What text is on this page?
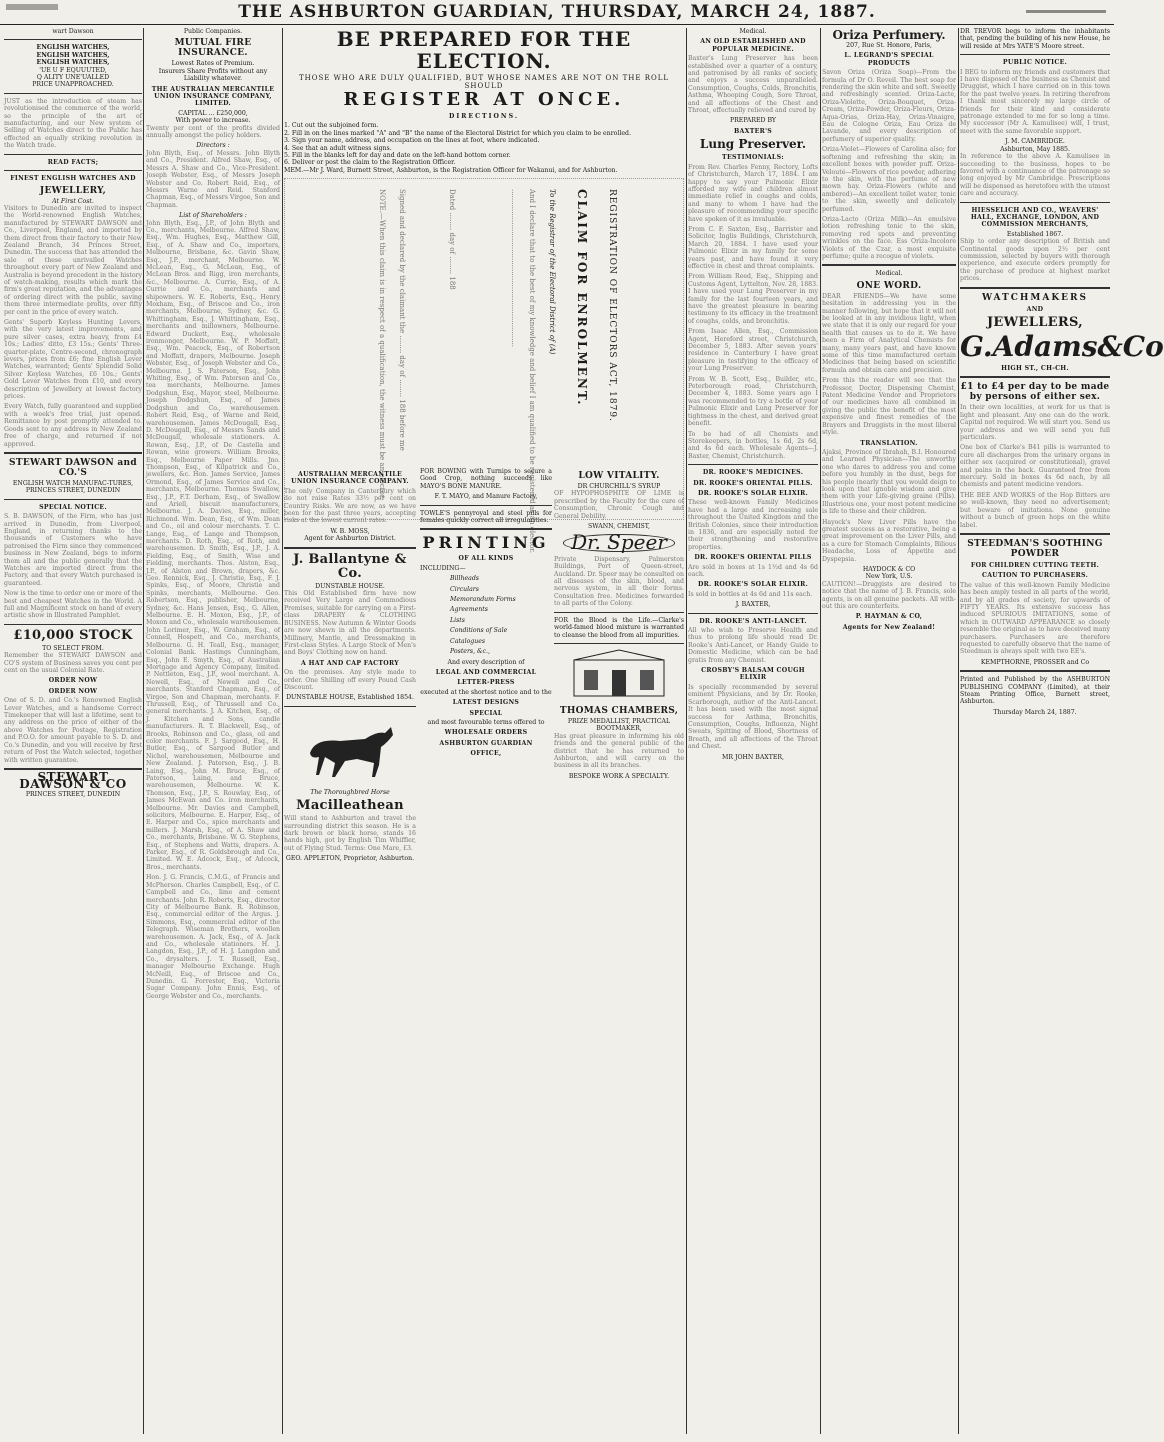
THE ASHBURTON GUARDIAN, THURSDAY, MARCH 24, 1887.
wart Dawson
ENGLISH WATCHES,
ENGLISH WATCHES,
ENGLISH WATCHES,
'UE U F EQUUUTED,
Q ALITY UNE'UALLED
PRICE UNAPPROACHED.

JUST as the introduction of steam has revolutionised the commerce of the world, so the principle of the art of manufacturing, and our New system of Selling of Watches direct to the Public has effected an equally striking revolution in the Watch trade.

READ FACTS;
FINEST ENGLISH WATCHES AND
JEWELLERY,
At First Cost.

Visitors to Dunedin are invited to inspect the World-renowned English Watches, manufactured by STEWART DAWSON and Co., Liverpool, England, and imported by them direct from their factory to their New Zealand Branch, 34 Princes Street, Dunedin. The success that has attended the sale of these unrivalled Watches throughout every part of New Zealand and Australia is beyond precedent in the history of watch-making, results which mark the firm's great reputation, and the advantages of ordering direct with the public, saving them three intermediate profits, over fifty per cent in the price of every watch.

Gents' Superb Keyless Hunting Levers, with the very latest improvements, and pure silver cases, extra heavy, from £4 10s.; Ladies' ditto, £3 15s.; Gents' Three-quarter-plate, Centre-second, chronograph levers, prices from £6; fine English Lever Watches, warranted; Gents' Splendid Solid Silver Keyless Watches, £6 10s.; Gents' Gold Lever Watches from £10, and every description of Jewellery at lowest factory prices.

Every Watch, fully guaranteed and supplied with a week's free trial, just opened. Remittance by post promptly attended to. Goods sent to any address in New Zealand free of charge, and returned if not approved.

STEWART DAWSON and CO.'S
ENGLISH WATCH MANUFAC-TURES,
PRINCES STREET, DUNEDIN
SPECIAL NOTICE.

S. B. DAWSON, of the Firm, who has just arrived in Dunedin, from Liverpool, England, in returning thanks to the thousands of Customers who have patronised the Firm since they commenced business in New Zealand, begs to inform them all and the public generally that the Watches are imported direct from the Factory, and that every Watch purchased is guaranteed.

Now is the time to order one or more of the best and cheapest Watches in the World. A full and Magnificent stock on hand of every artistic show in Illustrated Pamphlet.

£10,000 STOCK
TO SELECT FROM.

Remember the STEWART DAWSON and CO'S system of Business saves you cent per cent on the usual Colonial Rate.

ORDER NOW
ORDER NOW

One of S. D. and Co.'s Renowned English Lever Watches, and a handsome Correct Timekeeper that will last a lifetime, sent to any address on the price of either of the above Watches for Postage, Registration and P.O.O. for amount payable to S. D. and Co.'s Dunedin, and you will receive by first return of Post the Watch selected, together with written guarantee.

STEWART DAWSON & CO
PRINCES STREET, DUNEDIN
Public Companies.
MUTUAL FIRE INSURANCE.
Lowest Rates of Premium.
Insurers Share Profits without any Liability whatever.
THE AUSTRALIAN MERCANTILE UNION INSURANCE COMPANY, LIMITED.
CAPITAL ... £250,000,
With power to increase.

Twenty per cent of the profits divided annually amongst the policy holders.

Directors :

John Blyth, Esq., of Messrs. John Blyth and Co., President. Alfred Shaw, Esq., of Messrs A. Shaw and Co., Vice-President. Joseph Webster, Esq., of Messrs Joseph Webster and Co. Robert Reid, Esq., of Messrs Warne and Reid. Stanford Chapman, Esq., of Messrs Virgoe, Son and Chapman.

List of Shareholders :

John Blyth, Esq., J.P., of John Blyth and Co., merchants, Melbourne. Alfred Shaw, Esq., Wm. Hughes, Esq., Matthew Gill, Esq., of A. Shaw and Co., importers, Melbourne, Brisbane, &c. Gavin Shaw, Esq., J.P., merchant, Melbourne. W. McLean, Esq., G. McLean, Esq., of McLean Bros. and Rigg, iron merchants, &c., Melbourne. A. Currie, Esq., of A. Currie and Co., merchants and shipowners. W. E. Roberts, Esq., Henry Moxham, Esq., of Briscoe and Co., iron merchants, Melbourne, Sydney, &c. G. Whittingham, Esq., J. Whittingham, Esq., merchants and millowners, Melbourne. Edward Duckett, Esq., wholesale ironmonger, Melbourne. W. P. Moffatt, Esq., Wm. Peacock, Esq., of Robertson and Moffatt, drapers, Melbourne. Joseph Webster, Esq., of Joseph Webster and Co., Melbourne. J. S. Paterson, Esq., John Whiting, Esq., of Wm. Paterson and Co., tea merchants, Melbourne. James Dodgshun, Esq., Mayor, steel, Melbourne. Joseph Dodgshun, Esq., of James Dodgshun and Co., warehousemen. Robert Reid, Esq., of Warne and Reid, warehousemen. James McDougall, Esq., D. McDougall, Esq., of Messrs Sands and McDougall, wholesale stationers. A. Rowan, Esq., J.P., of De Castella and Rowan, wine growers. William Brooks, Esq., Melbourne Paper Mills. Jno. Thompson, Esq., of Kilpatrick and Co., jewellers, &c. Hon. James Service, James Ormond, Esq., of James Service and Co., merchants, Melbourne. Thomas Swallow, Esq., J.P., F.T. Derham, Esq., of Swallow and Ariell, biscuit manufacturers, Melbourne. J. A. Davies, Esq., miller, Richmond. Wm. Dean, Esq., of Wm. Dean and Co., oil and colour merchants. T. C. Lange, Esq., of Lange and Thompson, merchants. D. Roth, Esq., of Roth, and warehousemen. D. Smith, Esq., J.P., J. A. Fielding, Esq., of Smith, Wise and Fielding, merchants. Thos. Alston, Esq., J.P., of Alston and Brown, drapers, &c. Geo. Rennick, Esq., J. Christie, Esq., F. J. Spinks, Esq., of Moore, Christie and Spinks, merchants, Melbourne. Geo. Robertson, Esq., publisher, Melbourne, Sydney, &c. Hans Jensen, Esq., G. Allen, Melbourne. E. H. Moxon, Esq., J.P., of Moxon and Co., wholesale warehousemen. John Lorimer, Esq., W. Graham, Esq., of Connell, Hospett, and Co., merchants, Melbourne. G. H. Teall, Esq., manager, Colonial Bank. Hastings Cunningham, Esq., John E. Smyth, Esq., of Australian Mortgage and Agency Company, limited. P. Nettleton, Esq., J.P., wool merchant. A. Newell, Esq., of Newell and Co., merchants. Stanford Chapman, Esq., of Virgoe, Son and Chapman, merchants. F. Thrussell, Esq., of Thrussell and Co., general merchants. J. A. Kitchen, Esq., of J. Kitchen and Sons, candle manufacturers. R. T. Blackwell, Esq., of Brooks, Robinson and Co., glass, oil and color merchants. F. J. Sargood, Esq., H. Butler, Esq., of Sargood Butler and Nichol, warehousemen, Melbourne and New Zealand. J. Paterson, Esq., J. B. Laing, Esq., John M. Bruce, Esq., of Paterson, Laing, and Bruce, warehousemen, Melbourne. W. K. Thomson, Esq., J.P., S. Rouwlay, Esq., of James McEwan and Co. iron merchants, Melbourne. Mr. Davies and Campbell, solicitors, Melbourne. E. Harper, Esq., of E. Harper and Co., spice merchants and millers. J. Marsh, Esq., of A. Shaw and Co., merchants, Brisbane. W. G. Stephens, Esq., of Stephens and Watts, drapers. A. Parker, Esq., of R. Goldsbrough and Co., Limited. W. E. Adcock, Esq., of Adcock, Bros., merchants.

Hon. J. G. Francis, C.M.G., of Francis and McPherson. Charles Campbell, Esq., of C. Campbell and Co., lime and cement merchants. John R. Roberts, Esq., director City of Melbourne Bank. R. Robinson, Esq., commercial editor of the Argus. J. Simmons, Esq., commercial editor of the Telegraph. Wiseman Brothers, woollen warehousemen. A. Jack, Esq., of A. Jack and Co., wholesale stationers. H. J. Langdon, Esq., J.P., of H. J. Langdon and Co., drysalters. J. T. Russell, Esq., manager Melbourne Exchange. Hugh McNeill, Esq., of Briscoe and Co., Dunedin. G. Forrester, Esq., Victoria Sugar Company. John Ennis, Esq., of George Webster and Co., merchants.

BE PREPARED FOR THE ELECTION.
THOSE WHO ARE DULY QUALIFIED, BUT WHOSE NAMES ARE NOT ON THE ROLL SHOULD
REGISTER AT ONCE.
DIRECTIONS.
1. Cut out the subjoined form.
2. Fill in on the lines marked "A" and "B" the name of the Electoral District for which you claim to be enrolled.
3. Sign your name, address, and occupation on the lines at foot, where indicated.
4. See that an adult witness signs.
5. Fill in the blanks left for day and date on the left-hand bottom corner.
6. Deliver or post the claim to the Registration Officer.
MEM.—Mr J. Ward, Burnett Street, Ashburton, is the Registration Officer for Wakanui, and for Ashburton.
CLAIM FOR ENROLMENT. REGISTRATION OF ELECTORS ACT, 1879.
To the Registrar of the Electoral District of (A)
And I declare that to the best of my knowledge and belief I am qualified to be registered as an elector.
.......................................................................
Dated ........ day of ........ 188
Signed and declared by the claimant the ........ day of ........ 188 before me
NOTE.—When this claim is in respect of a qualification, the witness must be an elector.
AUSTRALIAN MERCANTILE UNION INSURANCE COMPANY.

The only Company in Canterbury which do not raise Rates 33½ per cent on Country Risks. We are now, as we have been for the past three years, accepting risks at the lowest current rates.

W. B. MOSS,
Agent for Ashburton District.
J. Ballantyne & Co.
DUNSTABLE HOUSE.

This Old Established firm have now received Very Large and Commodious Premises, suitable for carrying on a First-class DRAPERY & CLOTHING BUSINESS. New Autumn & Winter Goods are now shewn in all the departments. Millinery, Mantle, and Dressmaking in First-class Styles. A Large Stock of Men's and Boys' Clothing now on hand.

A HAT AND CAP FACTORY

On the premises. Any style made to order. One Shilling off every Pound Cash Discount.

DUNSTABLE HOUSE, Established 1854.
The Thoroughbred Horse
Macilleathean

Will stand to Ashburton and travel the surrounding district this season. He is a dark brown or black horse, stands 16 hands high, got by English Tim Whiffler, out of Flying Stud. Terms: One Mare, £3.

GEO. APPLETON, Proprietor, Ashburton.

FOR BOWING with Turnips to secure a Good Crop, nothing succeeds like MAYO'S BONE MANURE.

F. T. MAYO, and Manure Factory,

TOWLE'S pennyroyal and steel pills for females quickly correct all irregularities.

PRINTING
OF ALL KINDS
INCLUDING—
Billheads
Circulars
Memorandum Forms
Agreements
Lists
Conditions of Sale
Catalogues
Posters, &c.,
And every description of
LEGAL AND COMMERCIAL
LETTER-PRESS
executed at the shortest notice and to the
LATEST DESIGNS
SPECIAL
and most favourable terms offered to
WHOLESALE ORDERS
ASHBURTON GUARDIAN
OFFICE,
LOW VITALITY.
DR CHURCHILL'S SYRUP

OF HYPOPHOSPHITE OF LIME is prescribed by the Faculty for the cure of Consumption, Chronic Cough and General Debility.

SWANN, CHEMIST,
Dr. Speer

Private Dispensary, Palmerston Buildings, Port of Queen-street, Auckland. Dr. Speer may be consulted on all diseases of the skin, blood, and nervous system, in all their forms. Consultation free. Medicines forwarded to all parts of the Colony.

FOR the Blood is the Life.—Clarke's world-famed blood mixture is warranted to cleanse the blood from all impurities.

THOMAS CHAMBERS,
PRIZE MEDALLIST, PRACTICAL BOOTMAKER,

Has great pleasure in informing his old friends and the general public of the district that he has returned to Ashburton, and will carry on the business in all its branches.

BESPOKE WORK A SPECIALTY.
Medical.
AN OLD ESTABLISHED AND POPULAR MEDICINE.

Baxter's Lung Preserver has been established over a quarter of a century, and patronised by all ranks of society, and enjoys a success unparalleled. Consumption, Coughs, Colds, Bronchitis, Asthma, Whooping Cough, Sore Throat, and all affections of the Chest and Throat, effectually relieved and cured by

PREPARED BY
BAXTER'S
Lung Preserver.
TESTIMONIALS:

From Rev. Charles Fenny, Rectory, Lofts of Christchurch, March 17, 1884. I am happy to say your Pulmonic Elixir afforded my wife and children almost immediate relief in coughs and colds, and many to whom I have had the pleasure of recommending your specific have spoken of it as invaluable.

From C. F. Saxton, Esq., Barrister and Solicitor, Inglis Buildings, Christchurch, March 20, 1884. I have used your Pulmonic Elixir in my family for some years past, and have found it very effective in chest and throat complaints.

From William Reed, Esq., Shipping and Customs Agent, Lyttelton, Nov. 28, 1883. I have used your Lung Preserver in my family for the last fourteen years, and have the greatest pleasure in bearing testimony to its efficacy in the treatment of coughs, colds, and bronchitis.

From Isaac Allen, Esq., Commission Agent, Hereford street, Christchurch, December 5, 1883. After seven years' residence in Canterbury I have great pleasure in testifying to the efficacy of your Lung Preserver.

From W. B. Scott, Esq., Builder, etc., Peterborough road, Christchurch, December 4, 1883. Some years ago I was recommended to try a bottle of your Pulmonic Elixir and Lung Preserver for tightness in the chest, and derived great benefit.

To be had of all Chemists and Storekeepers, in bottles, 1s 6d, 2s 6d, and 4s 6d each. Wholesale Agents—J. Baxter, Chemist, Christchurch.

DR. ROOKE'S MEDICINES.
DR. ROOKE'S ORIENTAL PILLS.
DR. ROOKE'S SOLAR ELIXIR.

These well-known Family Medicines have had a large and increasing sale throughout the United Kingdom and the British Colonies, since their introduction in 1836, and are especially noted for their strengthening and restorative properties.

DR. ROOKE'S ORIENTAL PILLS

Are sold in boxes at 1s 1½d and 4s 6d each.

DR. ROOKE'S SOLAR ELIXIR.

Is sold in bottles at 4s 6d and 11s each.

J. BAXTER,
DR. ROOKE'S ANTI-LANCET.

All who wish to Preserve Health and thus to prolong life should read Dr. Rooke's Anti-Lancet, or Handy Guide to Domestic Medicine, which can be had gratis from any Chemist.

CROSBY'S BALSAM COUGH ELIXIR

Is specially recommended by several eminent Physicians, and by Dr. Rooke, Scarborough, author of the Anti-Lancet. It has been used with the most signal success for Asthma, Bronchitis, Consumption, Coughs, Influenza, Night Sweats, Spitting of Blood, Shortness of Breath, and all affections of the Throat and Chest.

MR JOHN BAXTER,
Oriza Perfumery.
207, Rue St. Honore, Paris,
L. LEGRAND'S SPECIAL PRODUCTS

Savon Oriza (Oriza Soap)—From the formula of Dr O. Reveil. The best soap for rendering the skin white and soft. Sweetly and refreshingly scented. Oriza-Lacte, Oriza-Violette, Oriza-Bouquet, Oriza-Cream, Oriza-Powder, Oriza-Fleurs, Oriza-Aqua-Orias, Oriza-Hay, Oriza-Vinaigre, Eau de Cologne Oriza, Eau Oriza de Lavande, and every description of perfumery of superior quality.

Oriza-Violet—Flowers of Carolina also; for softening and refreshing the skin; in excellent boxes with powder puff. Oriza-Velouté—Flowers of rice powder, adhering to the skin, with the perfume of new mown hay. Oriza-Flowers (white and ambered)—An excellent toilet water, tonic to the skin, sweetly and delicately perfumed.

Oriza-Lacto (Oriza Milk)—An emulsive lotion refreshing tonic to the skin, removing red spots and preventing wrinkles on the face. Ess Oriza-Incolore Violets of the Czar, a most exquisite perfume; quite a recogue of violets.

Medical.
ONE WORD.

DEAR FRIENDS—We have some hesitation in addressing you in the manner following, but hope that it will not be looked at in any invidious light, when we state that it is only our regard for your health that causes us to do it. We have been a Firm of Analytical Chemists for many, many years past, and have known some of this time manufactured certain Medicines that being based on scientific formula and obtain care and precision.

From this the reader will see that the Professor, Doctor, Dispensing Chemist, Patent Medicine Vendor and Proprietors of our medicines have all combined in giving the public the benefit of the most expensive and finest remedies of the Brayers and Druggists in the most liberal style.

TRANSLATION.

Ajaksi, Province of Ibrahah, B.I. Honoured and Learned Physician—The unworthy one who dares to address you and come before you humbly in the dust, begs for his people (nearly that you would deign to look upon that ignoble wisdom and give them with your Life-giving graine (Pills). Illustrious one, your most potent medicine is life to these and their children.

Hayock's New Liver Pills have the greatest success as a restorative, being a great improvement on the Liver Pills, and as a cure for Stomach Complaints, Bilious Headache, Loss of Appetite and Dyspepsia.

HAYDOCK & CO
New York, U.S.

CAUTION!—Druggists are desired to notice that the name of J. B. Francis, sole agents, is on all genuine packets. All with-out this are counterfeits.

P. HAYMAN & CO,
Agents for New Zealand!

DR TREVOR begs to inform the inhabitants that, pending the building of his new House, he will reside at Mrs YATE'S Moore street.

PUBLIC NOTICE.

I BEG to inform my friends and customers that I have disposed of the business as Chemist and Druggist, which I have carried on in this town for the past twelve years. In retiring therefrom I thank most sincerely my large circle of friends for their kind and considerate patronage extended to me for so long a time. My successor (Mr A. Kamulisee) will, I trust, meet with the same favorable support.

J. M. CAMBRIDGE.
Ashburton, May 1885.

In reference to the above A. Kamulisee in succeeding to the business, hopes to be favored with a continuance of the patronage so long enjoyed by Mr Cambridge. Prescriptions will be dispensed as heretofore with the utmost care and accuracy.

HIESSELICH AND CO., WEAVERS' HALL, EXCHANGE, LONDON, AND COMMISSION MERCHANTS,
Established 1867.

Ship to order any description of British and Continental goods upon 2½ per cent commission, selected by buyers with thorough experience, and execute orders promptly for the purchase of produce at highest market prices.

WATCHMAKERS
AND
JEWELLERS,
G.Adams&Co
HIGH ST., CH-CH.
£1 to £4 per day to be made by persons of either sex.

In their own localities, at work for us that is light and pleasant. Any one can do the work. Capital not required. We will start you. Send us your address and we will send you full particulars.

One box of Clarke's B41 pills is warranted to cure all discharges from the urinary organs in either sex (acquired or constitutional), gravel and pains in the back. Guaranteed free from mercury. Sold in boxes 4s 6d each, by all chemists and patent medicine vendors.

THE BEE AND WORKS of the Hop Bitters are so well-known, they need no advertisement; but beware of imitations. None genuine without a bunch of green hops on the white label.

STEEDMAN'S SOOTHING POWDER
FOR CHILDREN CUTTING TEETH.
CAUTION TO PURCHASERS.

The value of this well-known Family Medicine has been amply tested in all parts of the world, and by all grades of society, for upwards of FIFTY YEARS. Its extensive success has induced SPURIOUS IMITATIONS, some of which in OUTWARD APPEARANCE so closely resemble the original as to have deceived many purchasers. Purchasers are therefore requested to carefully observe that the name of Steedman is always spelt with two EE's.

KEMPTHORNE, PROSSER and Co

Printed and Published by the ASHBURTON PUBLISHING COMPANY (Limited), at their Steam Printing Office, Burnett street, Ashburton.

Thursday March 24, 1887.
